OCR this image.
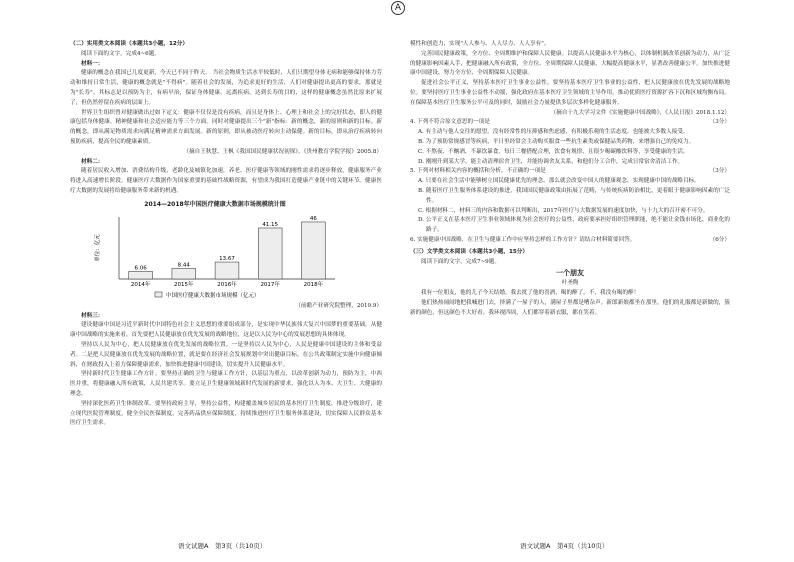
A
（二）实用类文本阅读（本题共3小题，12分）
阅读下面的文字，完成4~6题。
材料一：
健康的概念在我国已几度更新，今天已不同于昨天。 当社会物质生活水平较低时，人们只期望身体无病和能够保持体力劳动和维持日常生活，健康的概念就是"不得病"。随着社会的发展，为追求更好的生活，人们对健康提出更高的要求，那就是为"长寿"。其标志是以预防为主，有病早治，保证身体健康，远离疾病，达到长寿的目的，这样的健康概念虽然比原来扩展了，但仍然停留在疾病的层面上。
世界卫生组织曾对健康做出过如下定义：健康不仅仅是没有疾病，而且是身体上、心理上和社会上的完好状态，即人的健康包括身体健康、精神健康和社会适应能力等三个方面。同时对健康提出三个"新"指标：新的概念，新的原则和新的目标。新的概念，即从满足物质需求向满足精神需求方面发展。新的原则，即从被动医疗转向主动保健。新的目标，即从治疗疾病转向预防疾病，提高全民的健康素质。
（摘自王秋慧、王枫《我国国民健康状况初探》，《贵州教育学院学报》2005.8）
材料二：
随着居民收入增加、消费结构升级，老龄化及城镇化加速，养老、医疗健康等领域的刚性需求将逐步释放，健康服务产业将进入高速增长阶段。健康医疗大数据作为国家重要的基础性战略资源，有望成为我国打造健康产业链中的关键环节。健康医疗大数据的发展将给健康服务带来新的机遇。
2014—2018年中国医疗健康大数据市场规模统计图
单位：亿元
6.06
2014年
8.44
2015年
13.67
2016年
41.15
2017年
46
2018年
中国医疗健康大数据市场规模（亿元）
（前瞻产业研究院整理，2019.9）
材料三：
建设健康中国是习近平新时代中国特色社会主义思想的重要组成部分，是实现中华民族伟大复兴中国梦的重要基础。从健康中国战略的实施来看，首先要把人民健康放在优先发展的战略地位，这是以人民为中心的发展思想的具体体现。
坚持以人民为中心，把人民健康放在优先发展的战略位置。一是坚持以人民为中心，人民是健康中国建设的主体和受益者。二是把人民健康放在优先发展的战略位置，就是要在经济社会发展规划中突出健康目标，在公共政策制定实施中向健康倾斜，在财政投入上着力保障健康需求，加快推进健康中国建设，切实提升人民健康水平。
坚持新时代卫生健康工作方针。要坚持正确的卫生与健康工作方针，以基层为重点，以改革创新为动力，预防为主，中西医并重，将健康融入所有政策，人民共建共享。要立足卫生健康领域新时代发展的新要求，强化以人为本、大卫生、大健康的理念。
坚持深化医药卫生体制改革。要坚持政府主导，坚持公益性，构建覆盖城乡居民的基本医疗卫生制度，推进分级诊疗，建立现代医院管理制度，健全全民医保制度，完善药品供应保障制度，持续推进医疗卫生服务体系建设，切实保障人民群众基本医疗卫生需求。
语文试题A　第3页（共10页）
模性和创造力，实现"人人参与、人人尽力、人人享有"。
完善国民健康政策，全方位、全周期维护和保障人民健康。以提高人民健康水平为核心，以体制机制改革创新为动力，从广泛的健康影响因素入手，把健康融入所有政策，全方位、全周期保障人民健康，大幅提高健康水平，显著改善健康公平。加快推进健康中国建设，努力全方位、全周期保障人民健康。
促进社会公平正义，坚持基本医疗卫生事业公益性。要坚持基本医疗卫生事业的公益性，把人民健康放在优先发展的战略地位。要坚持医疗卫生事业公益性不动摇，强化政府在基本医疗卫生领域的主导作用，推动优质医疗资源扩容下沉和区域均衡布局。在保障基本医疗卫生服务公平可及的同时，鼓励社会力量提供多层次多样化健康服务。
（摘自十九大学习文件《实施健康中国战略》，《人民日报》2018.1.12）
4. 下列不符合原文意思的一项是	（3分）
A. 有主动与他人交往的愿望，没有经常性的压抑感和焦虑感，有积极乐观的生活态度，也能被大多数人接受。
B. 为了预防常规感冒等疾病，平日里经常会主动购买服食一些抗生素类或保健品类药物，来增强自己的免疫力。
C. 不熬夜、不酗酒、不暴饮暴食，每日三餐搭配合理，饮食有规律，且很少喝碳酸饮料等，享受健康的生活。
D. 刚刚升到某大学，能主动清理宿舍卫生，并能协调舍友关系，和他们分工合作，完成日常宿舍清洁工作。
5. 下列对材料相关内容的概括和分析，不正确的一项是	（3分）
A. 只要在社会生活中能够树立国民健康优先的理念，那么就会改变中国人的健康观念，实现健康中国的战略目标。
B. 随着医疗卫生服务体系建设的推进，我国国民健康政策由拓展了范畴，与传统疾病防治相比，更着眼于健康影响因素的广泛性。
C. 根据材料二，材料三的内容和数据可以判断出，2017年医疗与大数据发展的速度加快，与十九大的召开密不可分。
D. 公平正义在基本医疗卫生事业领域体现为社会医疗的公益性，政府要承担好组织管理职能，绝不能让金钱市场化、商业化的路子。
6. 实施健康中国战略，在卫生与健康工作中应坚持怎样的工作方针？请结合材料简要回答。	（6分）
（三）文学类文本阅读（本题共3小题，15分）
阅读下面的文字，完成7~9题。
一个朋友
叶圣陶
我有一位朋友，他的儿子今天结婚。我去扰了他的喜酒，喝的醉了。不，我没有喝的醉！
他们热热闹闹地把我喊进门去，挤满了一屋子的人，满屋子里都是嘈杂声。新郎新娘都坐在那里，他们的礼服都是新做的，簇新的颜色，但这颜色不大好看。我环视四周，人们都穿着新衣服，都在笑着。
语文试题A　第4页（共10页）
